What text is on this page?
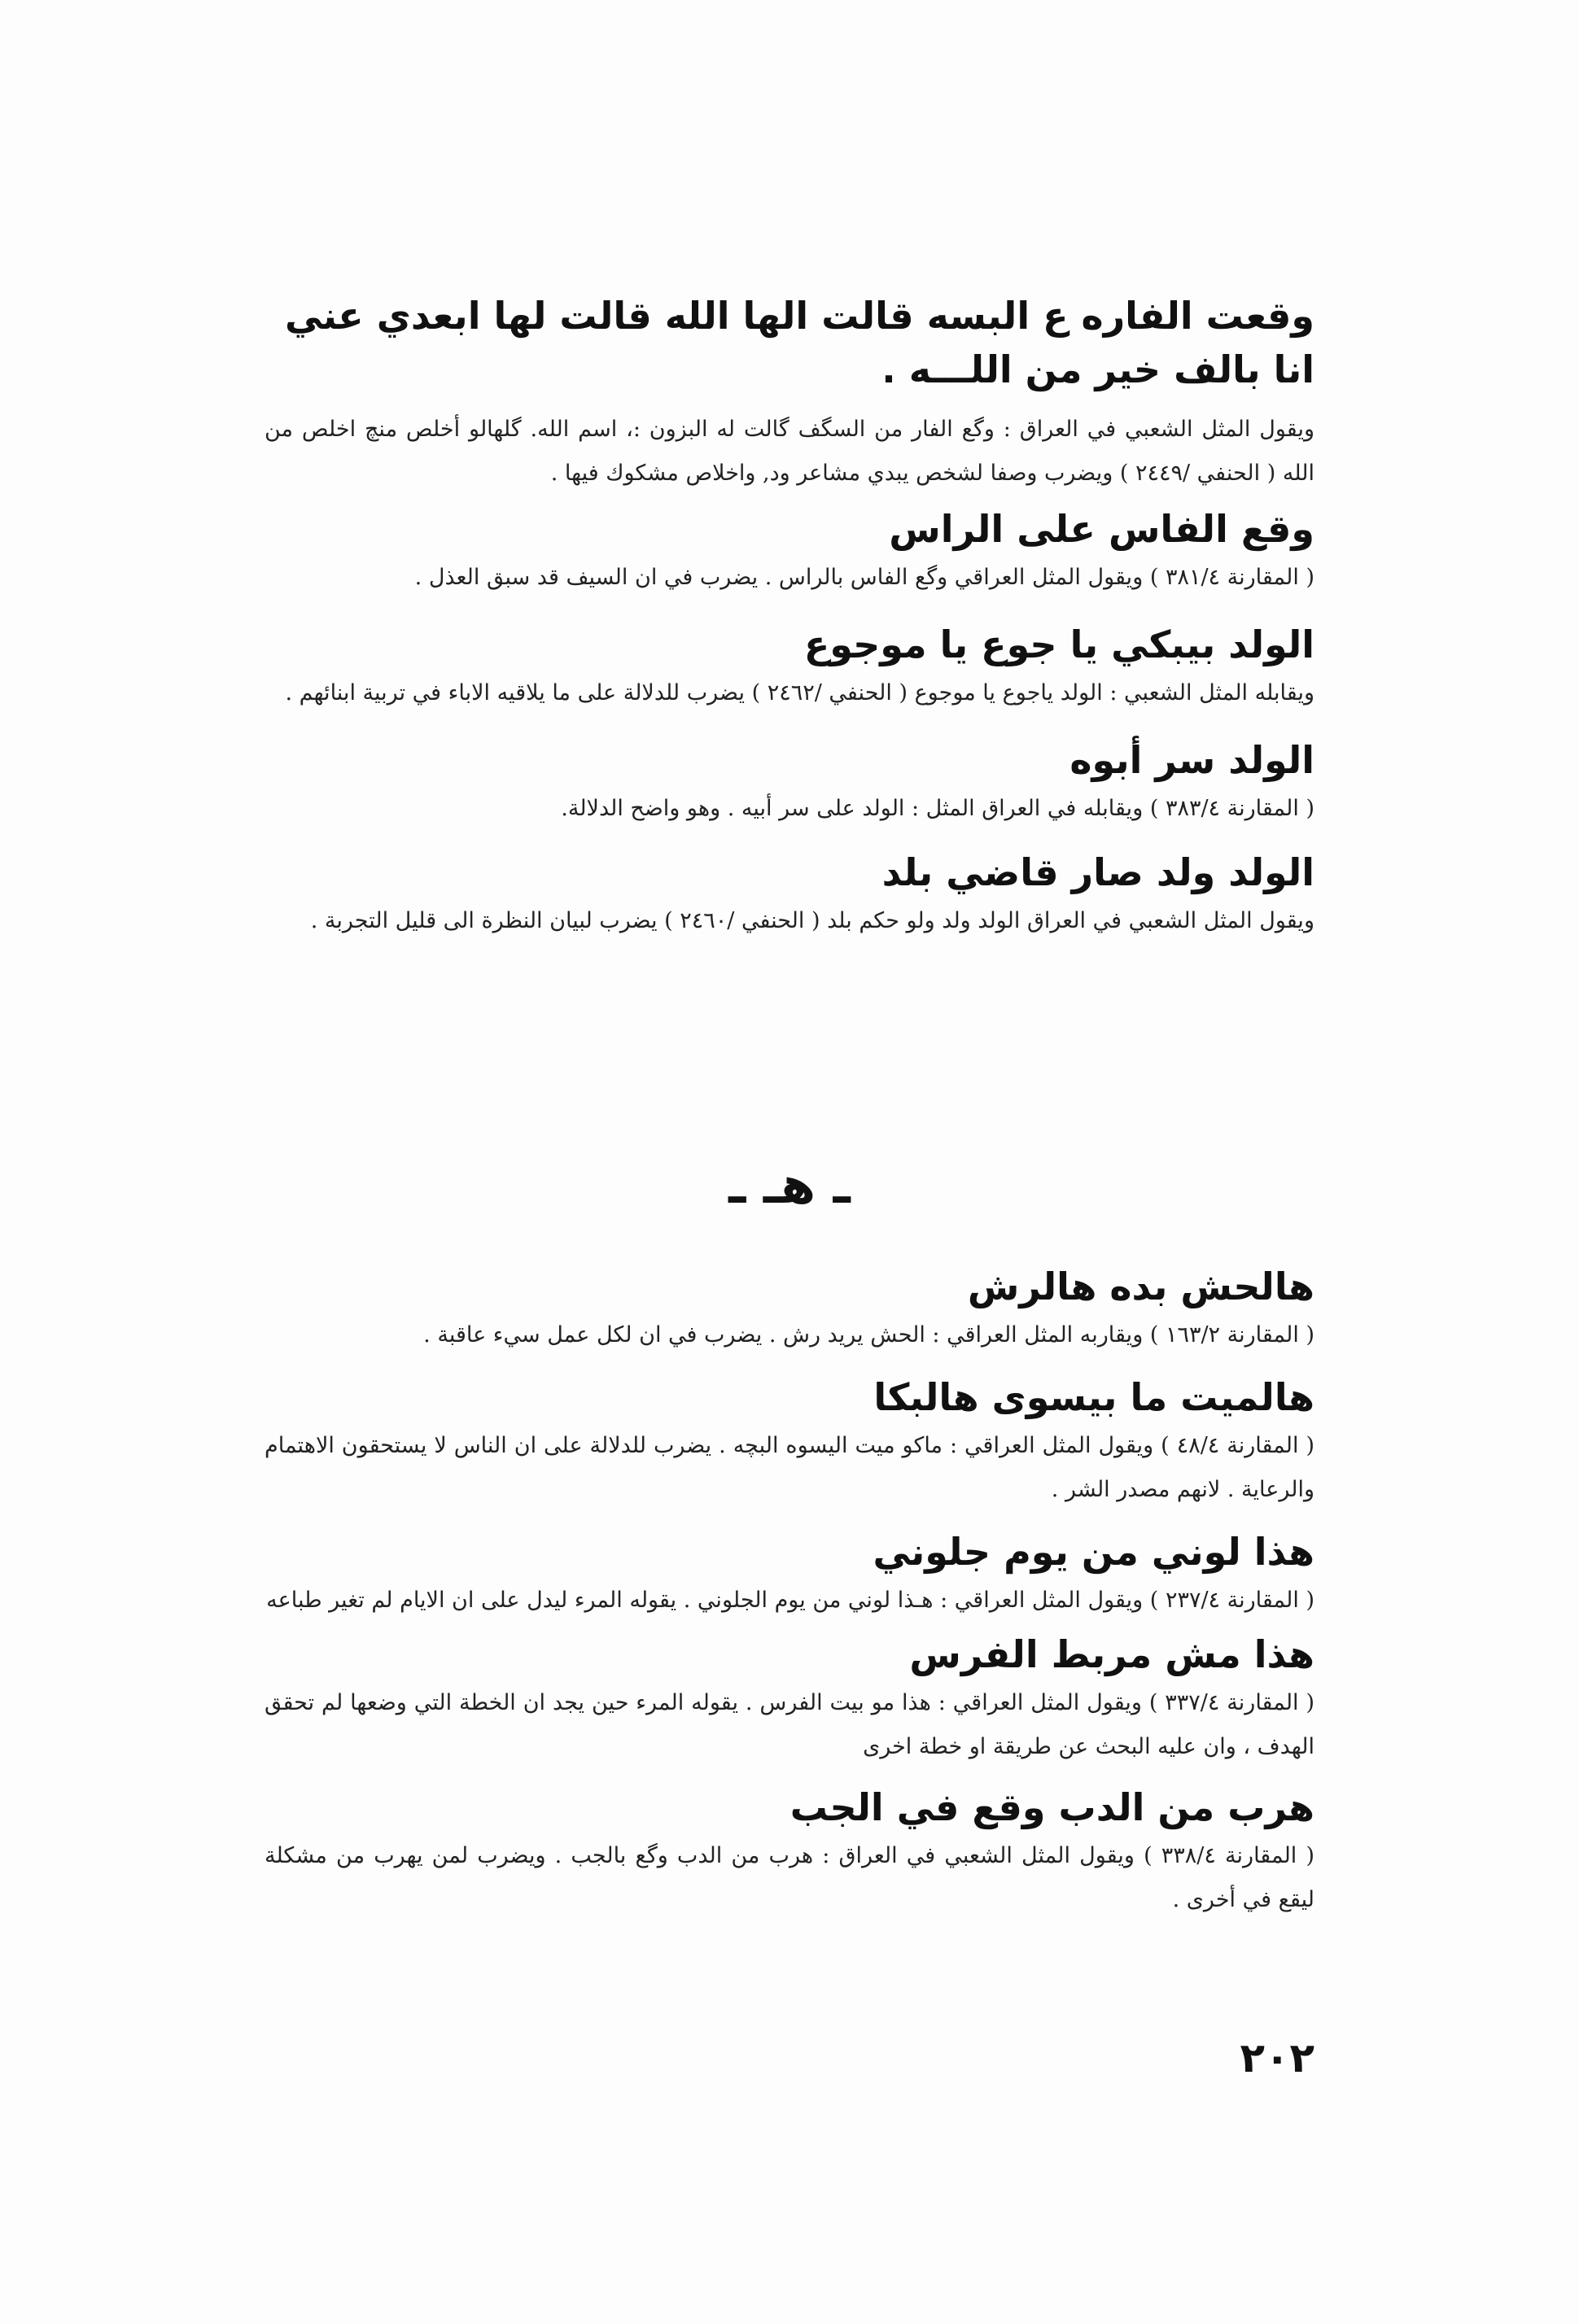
وقعت الفاره ع البسه قالت الها الله قالت لها ابعدي عني انا بالف خير من اللـــه .

ويقول المثل الشعبي في العراق : وگع الفار من السگف گالت له البزون :، اسم الله. گلهالو أخلص منچ اخلص من الله ( الحنفي /٢٤٤٩ ) ويضرب وصفا لشخص يبدي مشاعر ود, واخلاص مشكوك فيها .

وقع الفاس على الراس

( المقارنة ٣٨١/٤ ) ويقول المثل العراقي وگع الفاس بالراس . يضرب في ان السيف قد سبق العذل .

الولد بيبكي يا جوع يا موجوع

ويقابله المثل الشعبي : الولد ياجوع يا موجوع ( الحنفي /٢٤٦٢ ) يضرب للدلالة على ما يلاقيه الاباء في تربية ابنائهم .

الولد سر أبوه

( المقارنة ٣٨٣/٤ ) ويقابله في العراق المثل : الولد على سر أبيه . وهو واضح الدلالة.

الولد ولد صار قاضي بلد

ويقول المثل الشعبي في العراق الولد ولد ولو حكم بلد ( الحنفي /٢٤٦٠ ) يضرب لبيان النظرة الى قليل التجربة .

ـ هـ ـ
هالحش بده هالرش

( المقارنة ١٦٣/٢ ) ويقاربه المثل العراقي : الحش يريد رش . يضرب في ان لكل عمل سيء عاقبة .

هالميت ما بيسوى هالبكا

( المقارنة ٤٨/٤ ) ويقول المثل العراقي : ماكو ميت اليسوه البچه . يضرب للدلالة على ان الناس لا يستحقون الاهتمام والرعاية . لانهم مصدر الشر .

هذا لوني من يوم جلوني

( المقارنة ٢٣٧/٤ ) ويقول المثل العراقي : هـذا لوني من يوم الجلوني . يقوله المرء ليدل على ان الايام لم تغير طباعه

هذا مش مربط الفرس

( المقارنة ٣٣٧/٤ ) ويقول المثل العراقي : هذا مو بيت الفرس . يقوله المرء حين يجد ان الخطة التي وضعها لم تحقق الهدف ، وان عليه البحث عن طريقة او خطة اخرى

هرب من الدب وقع في الجب

( المقارنة ٣٣٨/٤ ) ويقول المثل الشعبي في العراق : هرب من الدب وگع بالجب . ويضرب لمن يهرب من مشكلة ليقع في أخرى .

٢٠٢
